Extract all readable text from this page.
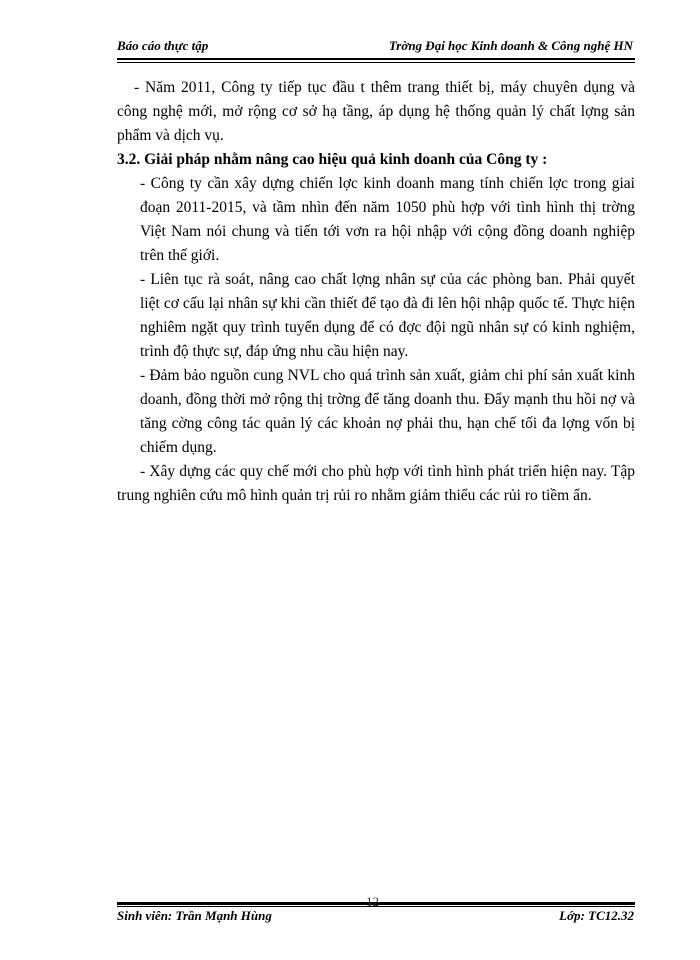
Báo cáo thực tập	Trờng Đại học Kinh doanh & Công nghệ HN

- Năm 2011, Công ty tiếp tục đầu t thêm trang thiết bị, máy chuyên dụng và công nghệ mới, mở rộng cơ sở hạ tầng, áp dụng hệ thống quản lý chất lợng sản phẩm và dịch vụ.

3.2. Giải pháp nhằm nâng cao hiệu quả kinh doanh của Công ty :

- Công ty cần xây dựng chiến lợc kinh doanh mang tính chiến lợc trong giai đoạn 2011-2015, và tầm nhìn đến năm 1050 phù hợp với tình hình thị trờng Việt Nam nói chung và tiến tới vơn ra hội nhập với cộng đồng doanh nghiệp trên thế giới.

- Liên tục rà soát, nâng cao chất lợng nhân sự của các phòng ban. Phải quyết liệt cơ cấu lại nhân sự khi cần thiết để tạo đà đi lên hội nhập quốc tế. Thực hiện nghiêm ngặt quy trình tuyển dụng để có đợc đội ngũ nhân sự có kinh nghiệm, trình độ thực sự, đáp ứng nhu cầu hiện nay.

- Đảm bảo nguồn cung NVL cho quá trình sản xuất, giảm chi phí sản xuất kinh doanh, đồng thời mở rộng thị trờng để tăng doanh thu. Đẩy mạnh thu hồi nợ và tăng cờng công tác quản lý các khoản nợ phải thu, hạn chế tối đa lợng vốn bị chiếm dụng.

- Xây dựng các quy chế mới cho phù hợp với tình hình phát triển hiện nay. Tập trung nghiên cứu mô hình quản trị rủi ro nhằm giảm thiểu các rủi ro tiềm ẩn.

12
Sinh viên: Trần Mạnh Hùng	Lớp: TC12.32
